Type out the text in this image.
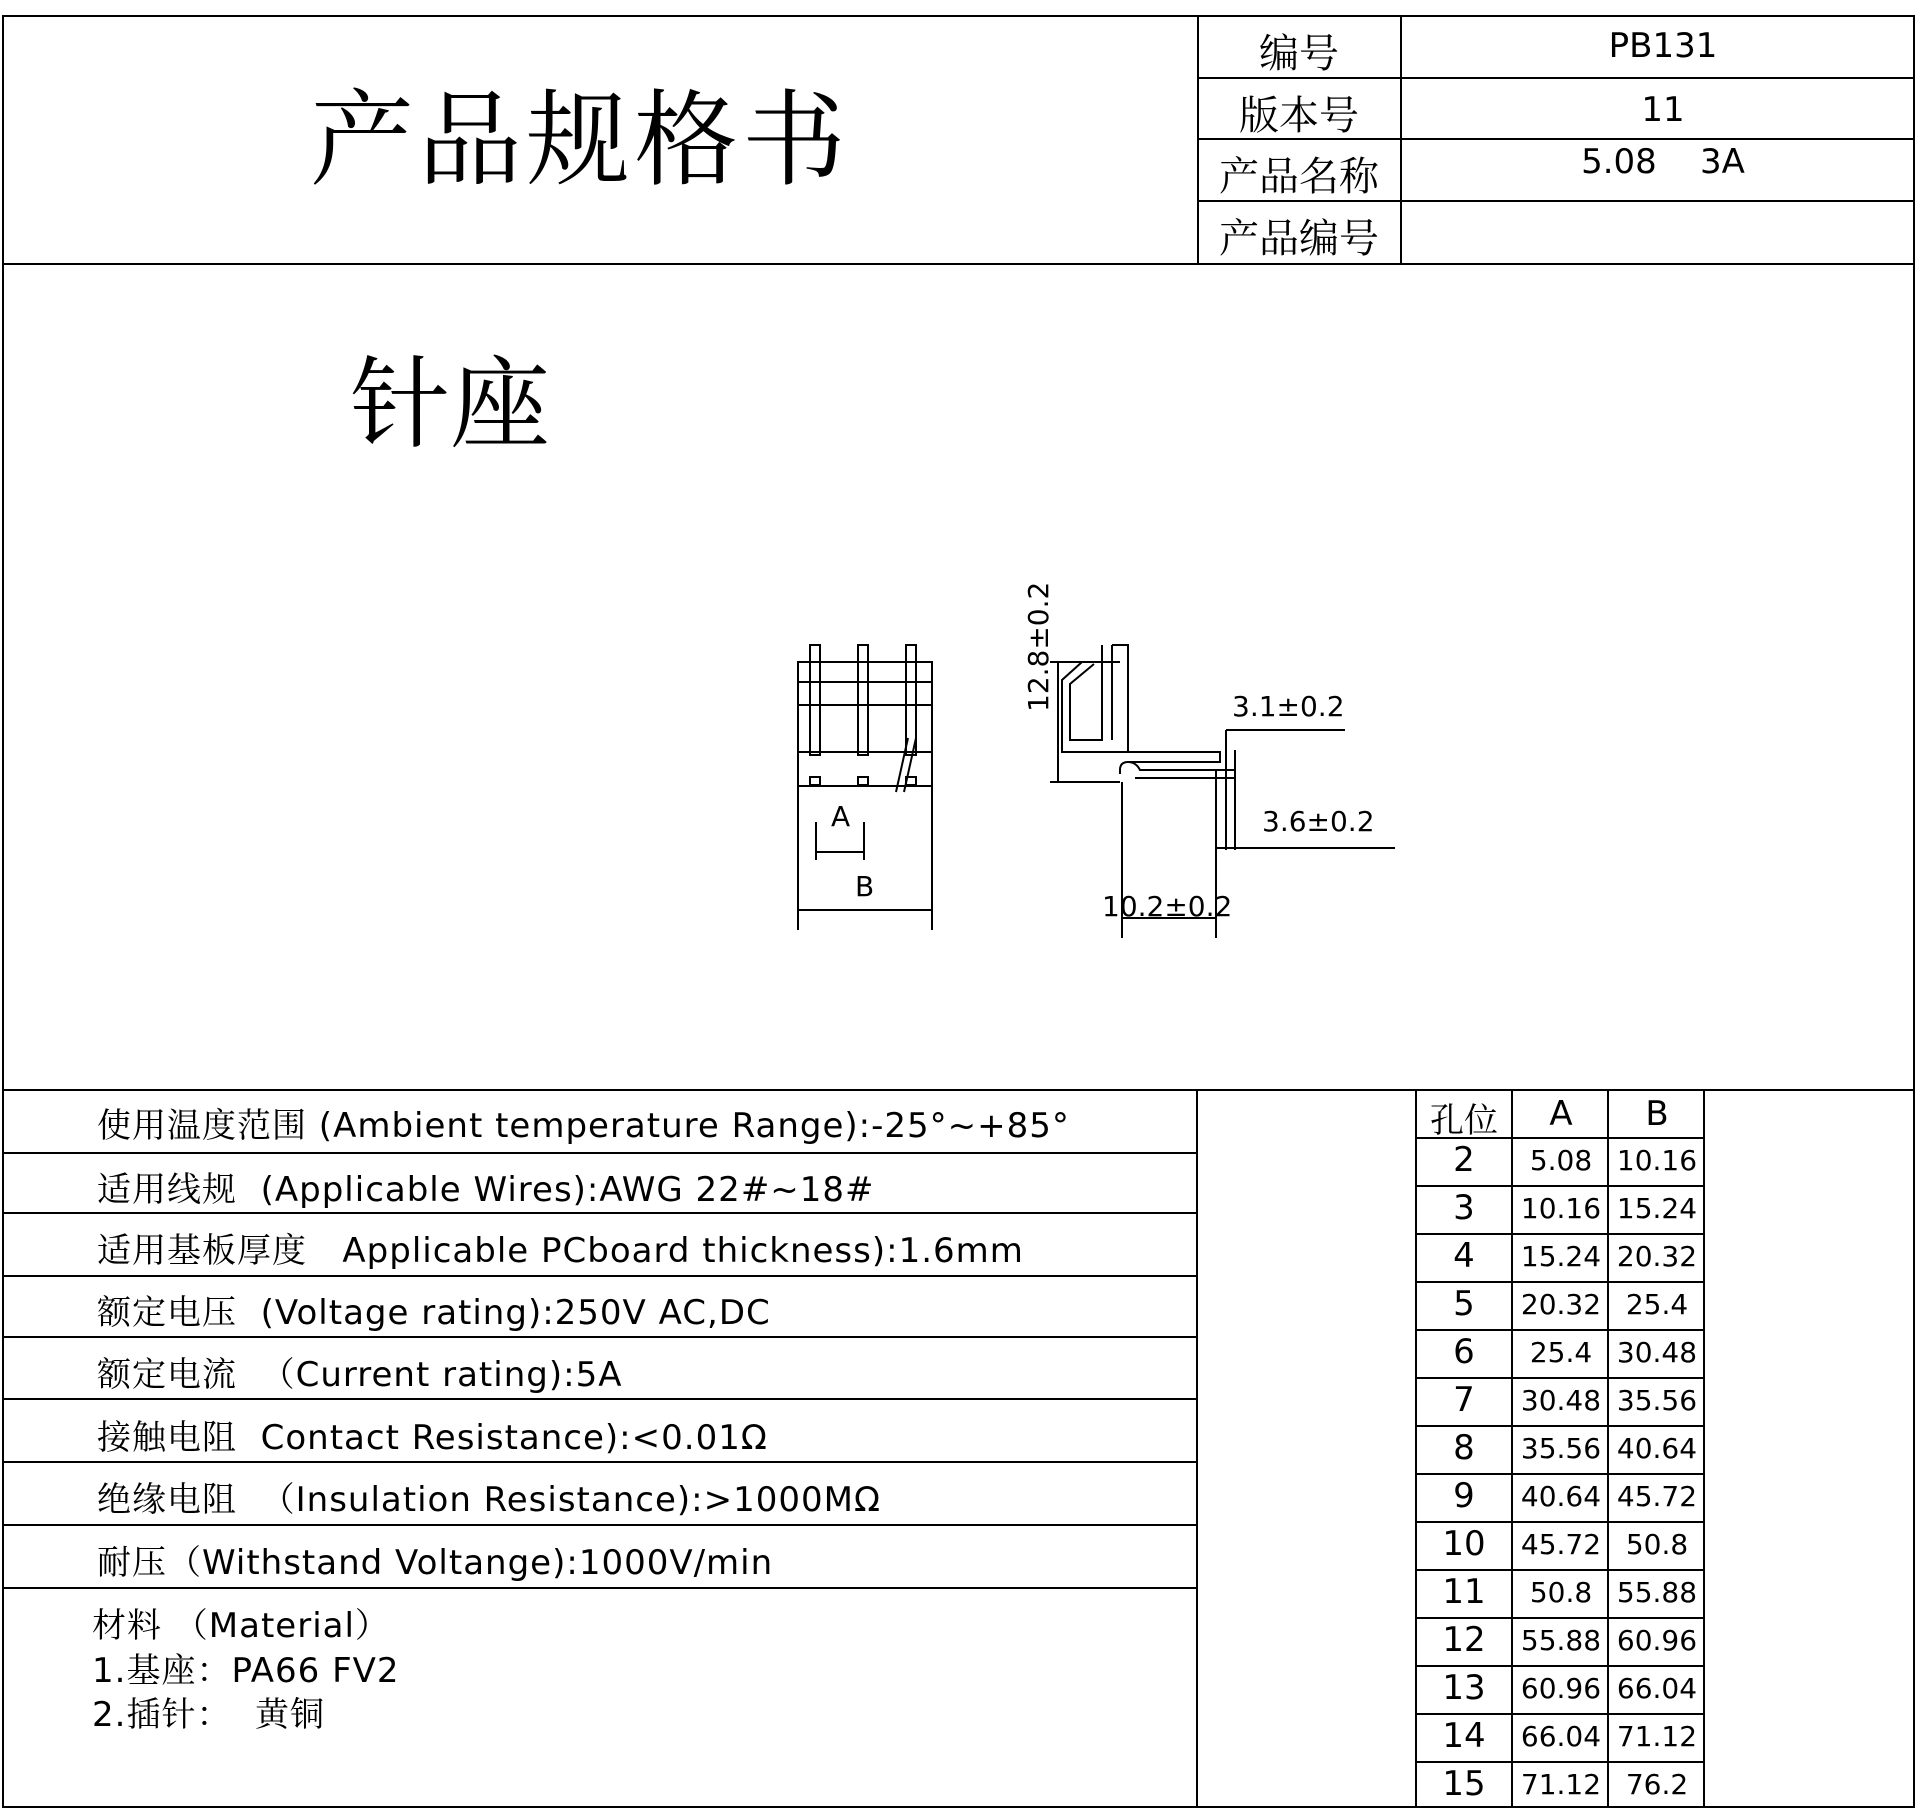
产品规格书
编号	PB131
版本号	11
产品名称	5.08    3A
产品编号
针座
A
B
12.8±0.2	3.1±0.2
3.6±0.2
10.2±0.2
使用温度范围 (Ambient temperature Range):-25°~+85°
适用线规  (Applicable Wires):AWG 22#~18#
适用基板厚度   Applicable PCboard thickness):1.6mm
额定电压  (Voltage rating):250V AC,DC
额定电流  （Current rating):5A
接触电阻  Contact Resistance):<0.01Ω
绝缘电阻  （Insulation Resistance):>1000MΩ
耐压（Withstand Voltange):1000V/min
材料 （Material）
1.基座：PA66 FV2
2.插针：  黄铜
孔位	A	B
2	5.08 10.16
3	10.16 15.24
4	15.24 20.32
5	20.32 25.4
6	25.4 30.48
7	30.48 35.56
8	35.56 40.64
9	40.64 45.72
10	45.72 50.8
11	50.8 55.88
12	55.88 60.96
13	60.96 66.04
14	66.04 71.12
15	71.12 76.2
